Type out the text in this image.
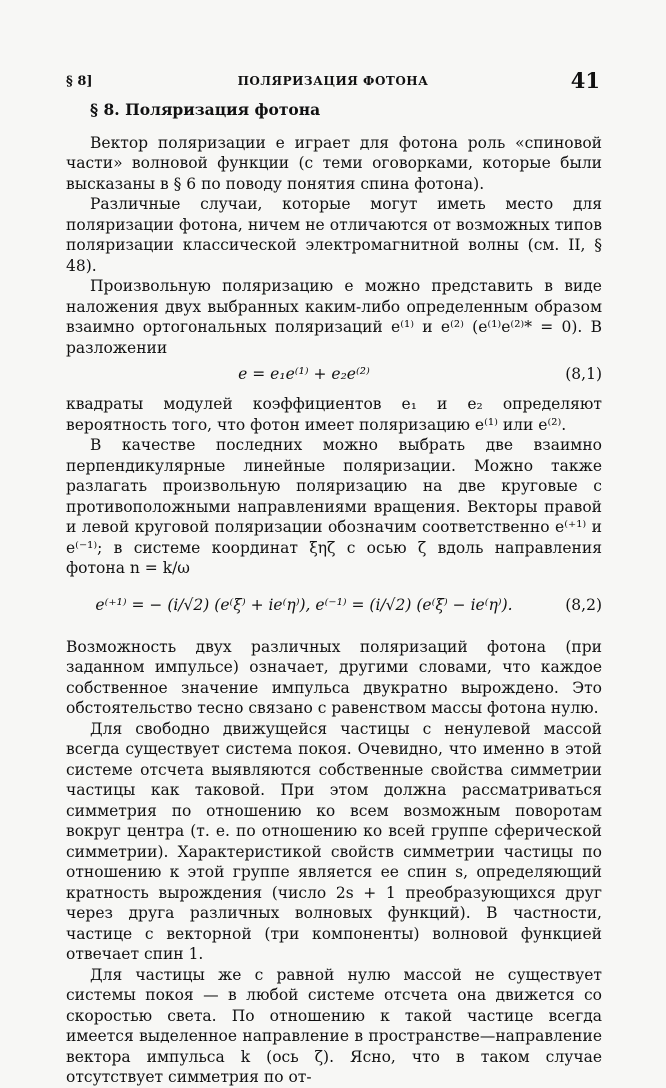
§ 8]	ПОЛЯРИЗАЦИЯ ФОТОНА	41
§ 8. Поляризация фотона

Вектор поляризации e играет для фотона роль «спиновой части» волновой функции (с теми оговорками, которые были высказаны в § 6 по поводу понятия спина фотона).

Различные случаи, которые могут иметь место для поляризации фотона, ничем не отличаются от возможных типов поляризации классической электромагнитной волны (см. II, § 48).

Произвольную поляризацию e можно представить в виде наложения двух выбранных каким-либо определенным образом взаимно ортогональных поляризаций e⁽¹⁾ и e⁽²⁾ (e⁽¹⁾e⁽²⁾* = 0). В разложении

e = e₁e⁽¹⁾ + e₂e⁽²⁾	(8,1)

квадраты модулей коэффициентов e₁ и e₂ определяют вероятность того, что фотон имеет поляризацию e⁽¹⁾ или e⁽²⁾.

В качестве последних можно выбрать две взаимно перпендикулярные линейные поляризации. Можно также разлагать произвольную поляризацию на две круговые с противоположными направлениями вращения. Векторы правой и левой круговой поляризации обозначим соответственно e⁽⁺¹⁾ и e⁽⁻¹⁾; в системе координат ξηζ с осью ζ вдоль направления фотона n = k/ω

e⁽⁺¹⁾ = − (i/√2) (e⁽ξ⁾ + ie⁽η⁾), e⁽⁻¹⁾ = (i/√2) (e⁽ξ⁾ − ie⁽η⁾).	(8,2)

Возможность двух различных поляризаций фотона (при заданном импульсе) означает, другими словами, что каждое собственное значение импульса двукратно вырождено. Это обстоятельство тесно связано с равенством массы фотона нулю.

Для свободно движущейся частицы с ненулевой массой всегда существует система покоя. Очевидно, что именно в этой системе отсчета выявляются собственные свойства симметрии частицы как таковой. При этом должна рассматриваться симметрия по отношению ко всем возможным поворотам вокруг центра (т. е. по отношению ко всей группе сферической симметрии). Характеристикой свойств симметрии частицы по отношению к этой группе является ее спин s, определяющий кратность вырождения (число 2s + 1 преобразующихся друг через друга различных волновых функций). В частности, частице с векторной (три компоненты) волновой функцией отвечает спин 1.

Для частицы же с равной нулю массой не существует системы покоя — в любой системе отсчета она движется со скоростью света. По отношению к такой частице всегда имеется выделенное направление в пространстве—направление вектора импульса k (ось ζ). Ясно, что в таком случае отсутствует симметрия по от-
